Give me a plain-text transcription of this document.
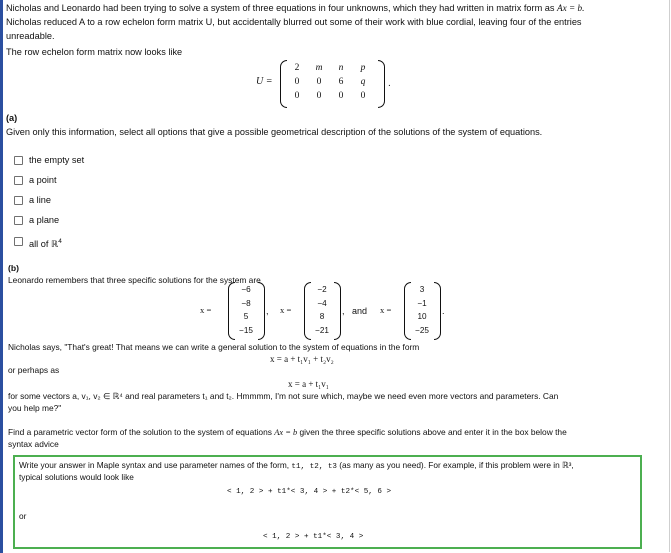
Nicholas and Leonardo had been trying to solve a system of three equations in four unknowns, which they had written in matrix form as Ax = b.
Nicholas reduced A to a row echelon form matrix U, but accidentally blurred out some of their work with blue cordial, leaving four of the entries
unreadable.
The row echelon form matrix now looks like
U =
2	m	n	p
0	0	6	q
0	0	0	0
.
(a)
Given only this information, select all options that give a possible geometrical description of the solutions of the system of equations.
the empty set
a point
a line
a plane
all of ℝ$^4$
(b)
Leonardo remembers that three specific solutions for the system are
x =	, x =	,   and x =	.
−6
−8
5
−15
−2
−4
8
−21
3
−1
10
−25
Nicholas says, "That's great! That means we can write a general solution to the system of equations in the form
x = a + t₁v₁ + t₂v₂
or perhaps as
x = a + t₁v₁
for some vectors a, v₁, v₂ ∈ ℝ⁴ and real parameters t₁ and t₂. Hmmmm, I'm not sure which, maybe we need even more vectors and parameters. Can
you help me?"
Find a parametric vector form of the solution to the system of equations Ax = b given the three specific solutions above and enter it in the box below the
syntax advice
Write your answer in Maple syntax and use parameter names of the form, t1, t2, t3 (as many as you need). For example, if this problem were in ℝ³,
typical solutions would look like
< 1, 2 > + t1*< 3, 4 > + t2*< 5, 6 >
or
< 1, 2 > + t1*< 3, 4 >
